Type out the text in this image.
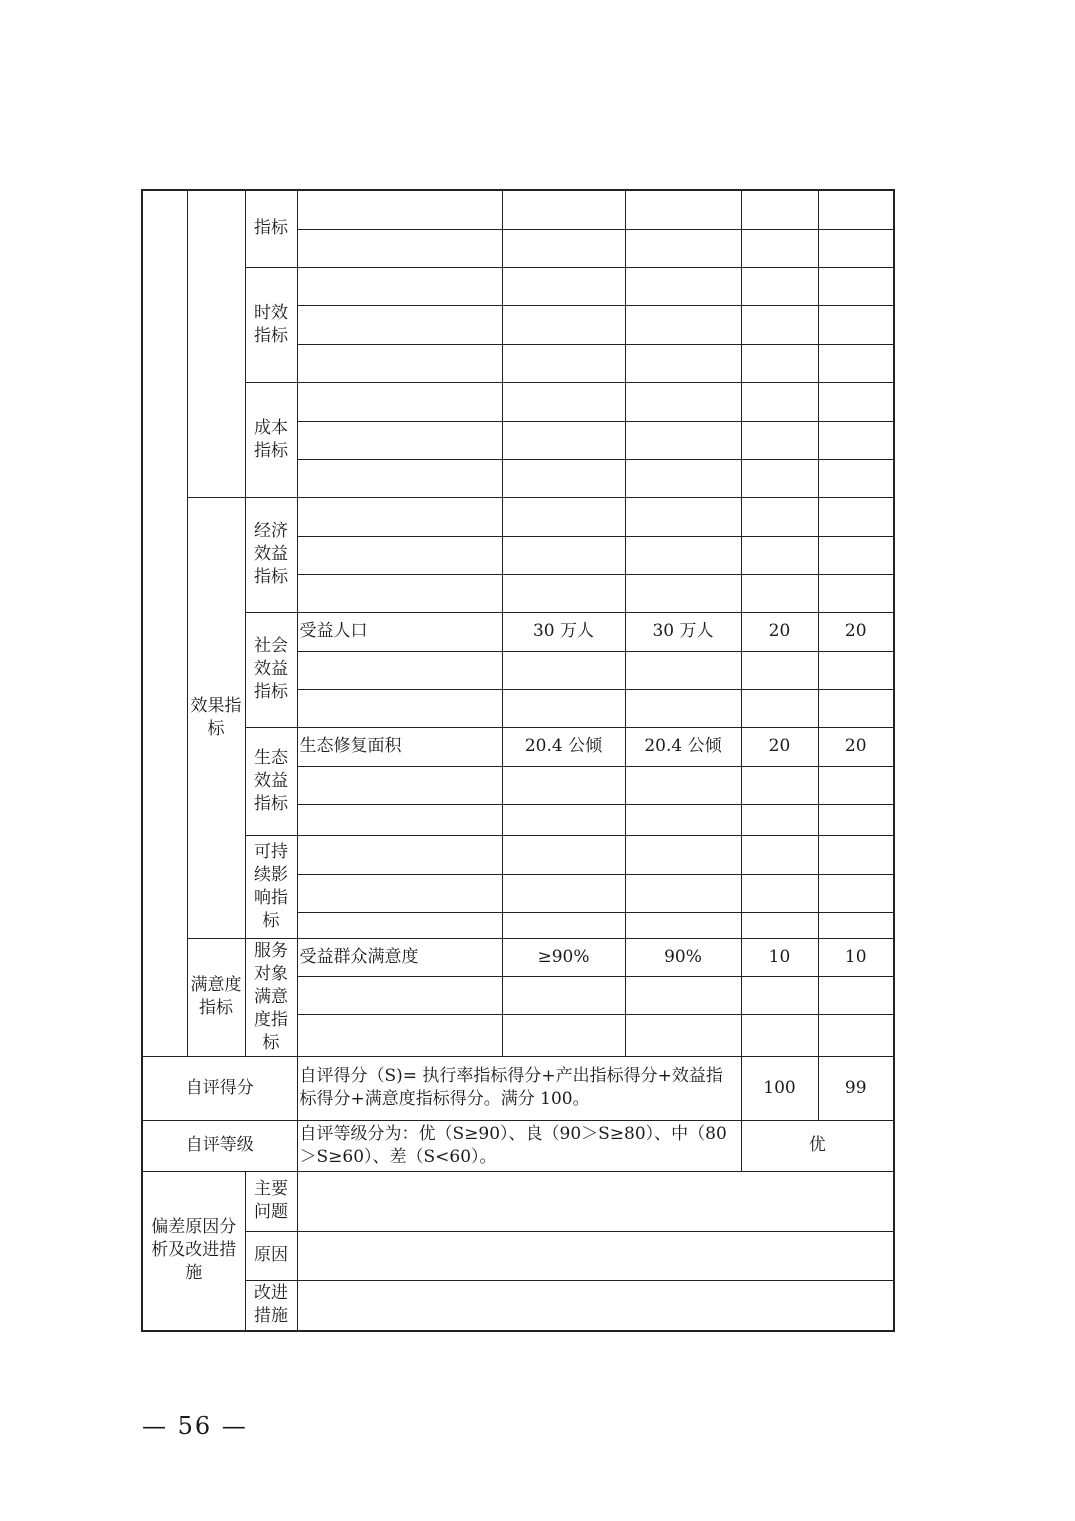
		指标					

		时效指标					

		成本指标					

	效果指标	经济效益指标					

		社会效益指标	受益人口	30 万人	30 万人	20	20

		生态效益指标	生态修复面积	20.4 公倾	20.4 公倾	20	20

		可持续影响指标					

	满意度指标	服务对象满意度指标	受益群众满意度	≥90%	90%	10	10

自评得分			自评得分（S)= 执行率指标得分+产出指标得分+效益指标得分+满意度指标得分。满分 100。			100	99
自评等级			自评等级分为：优（S≥90）、良（90＞S≥80）、中（80＞S≥60）、差（S<60）。			优	
偏差原因分析及改进措施		主要问题					
		原因					
		改进措施					
— 56 —
